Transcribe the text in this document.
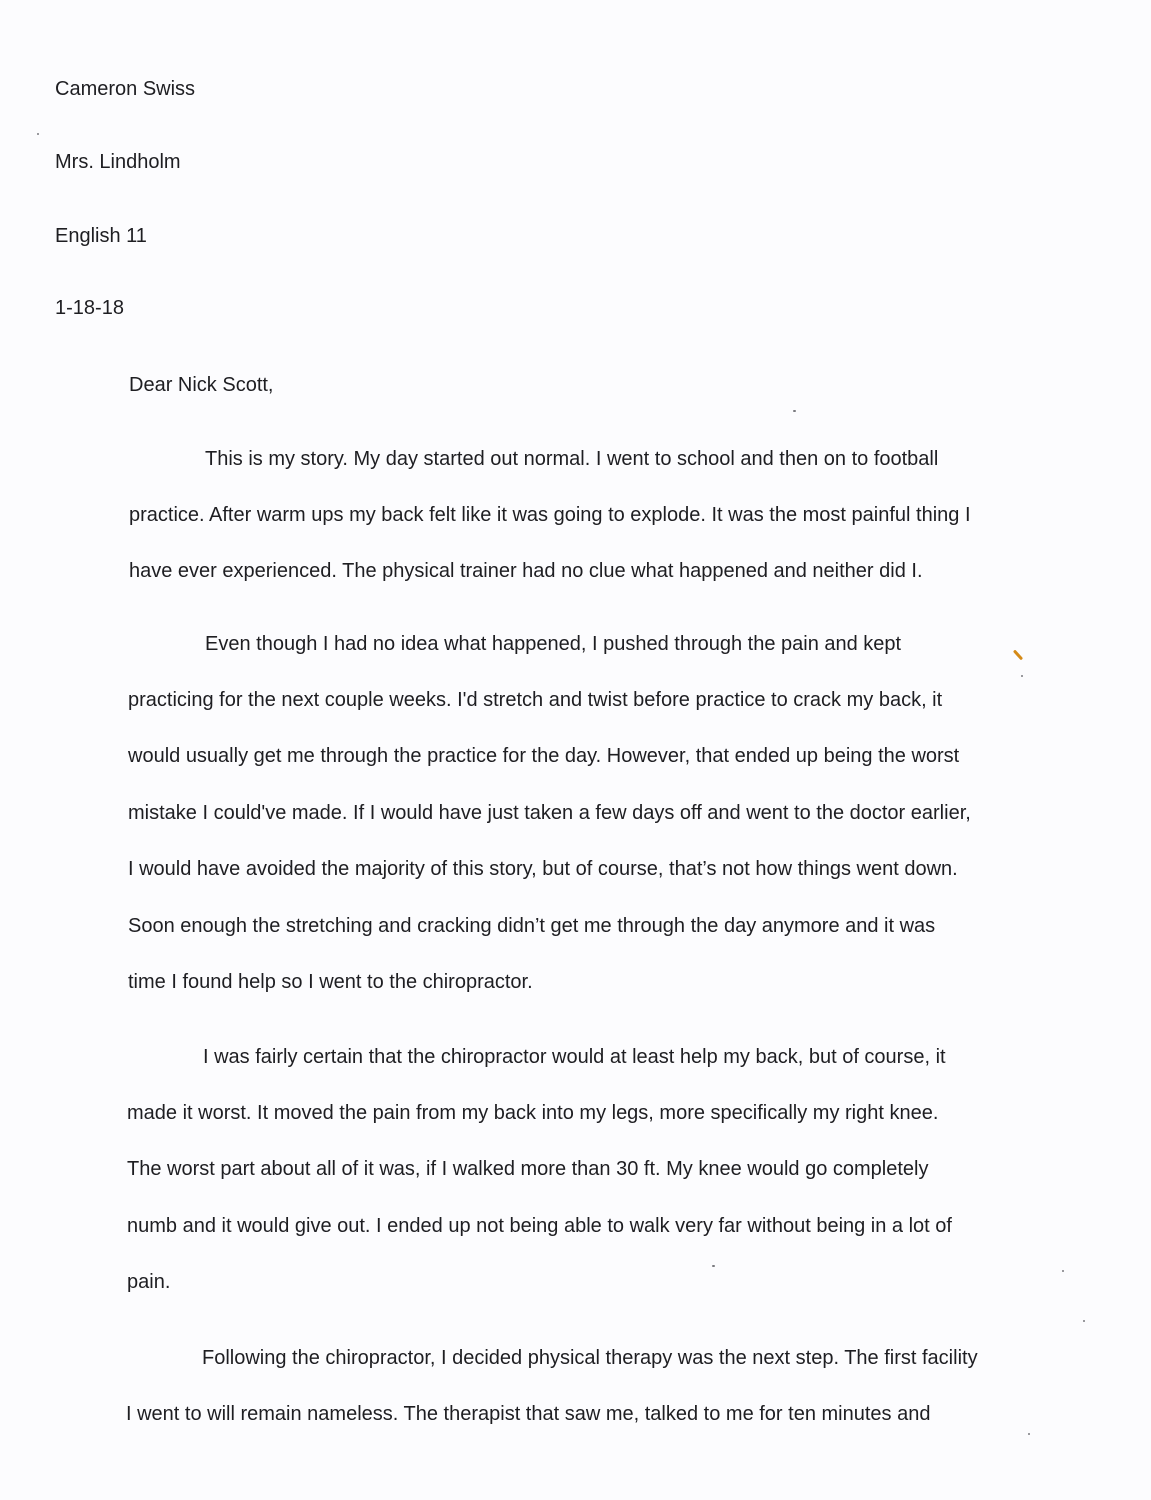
Cameron Swiss

Mrs. Lindholm

English 11

1-18-18

Dear Nick Scott,

This is my story. My day started out normal. I went to school and then on to football

practice. After warm ups my back felt like it was going to explode. It was the most painful thing I

have ever experienced. The physical trainer had no clue what happened and neither did I.

Even though I had no idea what happened, I pushed through the pain and kept

practicing for the next couple weeks. I'd stretch and twist before practice to crack my back, it

would usually get me through the practice for the day. However, that ended up being the worst

mistake I could've made. If I would have just taken a few days off and went to the doctor earlier,

I would have avoided the majority of this story, but of course, that’s not how things went down.

Soon enough the stretching and cracking didn’t get me through the day anymore and it was

time I found help so I went to the chiropractor.

I was fairly certain that the chiropractor would at least help my back, but of course, it

made it worst. It moved the pain from my back into my legs, more specifically my right knee.

The worst part about all of it was, if I walked more than 30 ft. My knee would go completely

numb and it would give out. I ended up not being able to walk very far without being in a lot of

pain.

Following the chiropractor, I decided physical therapy was the next step. The first facility

I went to will remain nameless. The therapist that saw me, talked to me for ten minutes and
